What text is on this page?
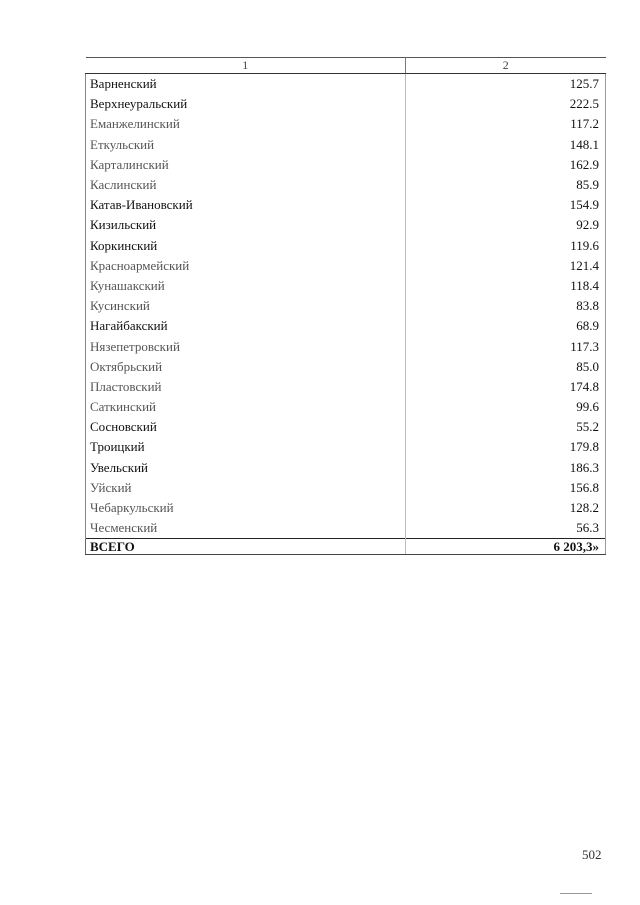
1	2
Варненский	125.7
Верхнеуральский	222.5
Еманжелинский	117.2
Еткульский	148.1
Карталинский	162.9
Каслинский	85.9
Катав-Ивановский	154.9
Кизильский	92.9
Коркинский	119.6
Красноармейский	121.4
Кунашакский	118.4
Кусинский	83.8
Нагайбакский	68.9
Нязепетровский	117.3
Октябрьский	85.0
Пластовский	174.8
Саткинский	99.6
Сосновский	55.2
Троицкий	179.8
Увельский	186.3
Уйский	156.8
Чебаркульский	128.2
Чесменский	56.3
ВСЕГО	6 203,3»
502
